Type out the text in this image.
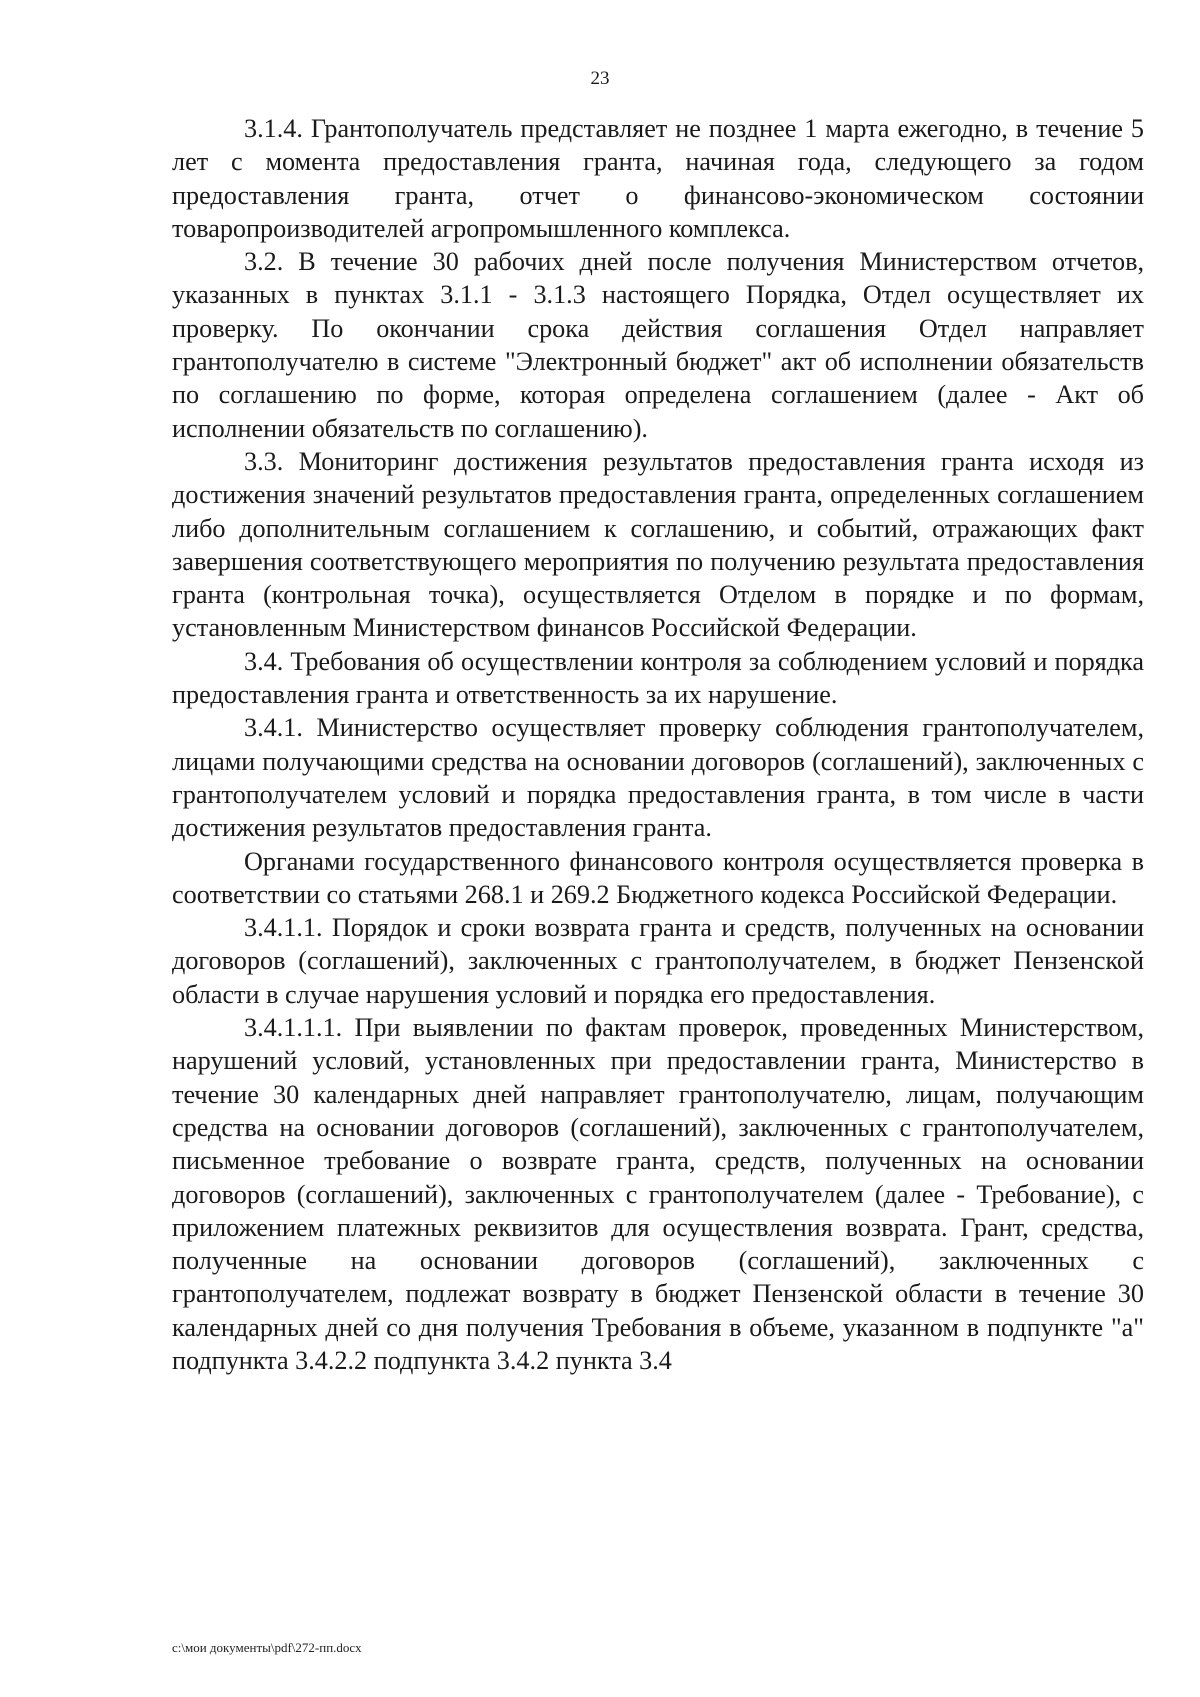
23

3.1.4. Грантополучатель представляет не позднее 1 марта ежегодно, в течение 5 лет с момента предоставления гранта, начиная года, следующего за годом предоставления гранта, отчет о финансово-экономическом состоянии товаропроизводителей агропромышленного комплекса.

3.2. В течение 30 рабочих дней после получения Министерством отчетов, указанных в пунктах 3.1.1 - 3.1.3 настоящего Порядка, Отдел осуществляет их проверку. По окончании срока действия соглашения Отдел направляет грантополучателю в системе "Электронный бюджет" акт об исполнении обязательств по соглашению по форме, которая определена соглашением (далее - Акт об исполнении обязательств по соглашению).

3.3. Мониторинг достижения результатов предоставления гранта исходя из достижения значений результатов предоставления гранта, определенных соглашением либо дополнительным соглашением к соглашению, и событий, отражающих факт завершения соответствующего мероприятия по получению результата предоставления гранта (контрольная точка), осуществляется Отделом в порядке и по формам, установленным Министерством финансов Российской Федерации.

3.4. Требования об осуществлении контроля за соблюдением условий и порядка предоставления гранта и ответственность за их нарушение.

3.4.1. Министерство осуществляет проверку соблюдения грантополучателем, лицами получающими средства на основании договоров (соглашений), заключенных с грантополучателем условий и порядка предоставления гранта, в том числе в части достижения результатов предоставления гранта.

Органами государственного финансового контроля осуществляется проверка в соответствии со статьями 268.1 и 269.2 Бюджетного кодекса Российской Федерации.

3.4.1.1. Порядок и сроки возврата гранта и средств, полученных на основании договоров (соглашений), заключенных с грантополучателем, в бюджет Пензенской области в случае нарушения условий и порядка его предоставления.

3.4.1.1.1. При выявлении по фактам проверок, проведенных Министерством, нарушений условий, установленных при предоставлении гранта, Министерство в течение 30 календарных дней направляет грантополучателю, лицам, получающим средства на основании договоров (соглашений), заключенных с грантополучателем, письменное требование о возврате гранта, средств, полученных на основании договоров (соглашений), заключенных с грантополучателем (далее - Требование), с приложением платежных реквизитов для осуществления возврата. Грант, средства, полученные на основании договоров (соглашений), заключенных с грантополучателем, подлежат возврату в бюджет Пензенской области в течение 30 календарных дней со дня получения Требования в объеме, указанном в подпункте "а" подпункта 3.4.2.2 подпункта 3.4.2 пункта 3.4

c:\мои документы\pdf\272-пп.docx
